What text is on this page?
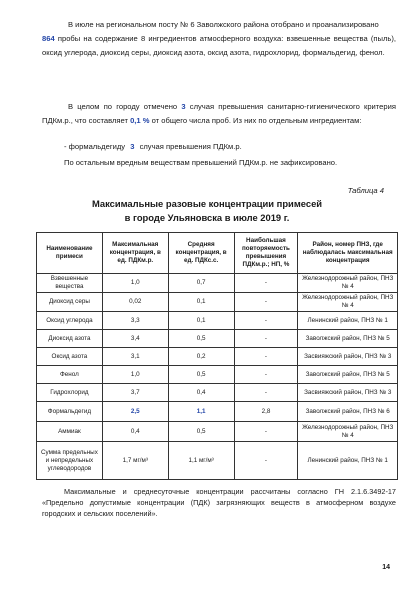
В июле на региональном посту № 6 Заволжского района отобрано и проанализировано
864 пробы на содержание 8 ингредиентов атмосферного воздуха: взвешенные вещества (пыль), оксид углерода, диоксид серы, диоксид азота, оксид азота, гидрохлорид, формальдегид, фенол.
В целом по городу отмечено 3 случая превышения санитарно-гигиенического критерия ПДКм.р., что составляет 0,1 % от общего числа проб. Из них по отдельным ингредиентам:
- формальдегиду 3 случая превышения ПДКм.р.
По остальным вредным веществам превышений ПДКм.р. не зафиксировано.
Таблица 4
Максимальные разовые концентрации примесей
в городе Ульяновска в июле 2019 г.
Наименование примеси	Максимальная концентрация, в ед. ПДКм.р.	Средняя концентрация, в ед. ПДКс.с.	Наибольшая повторяемость превышения ПДКм.р.; НП, %	Район, номер ПНЗ, где наблюдалась максимальная концентрация
Взвешенные вещества	1,0	0,7	-	Железнодорожный район, ПНЗ № 4
Диоксид серы	0,02	0,1	-	Железнодорожный район, ПНЗ № 4
Оксид углерода	3,3	0,1	-	Ленинский район, ПНЗ № 1
Диоксид азота	3,4	0,5	-	Заволжский район, ПНЗ № 5
Оксид азота	3,1	0,2	-	Засвияжский район, ПНЗ № 3
Фенол	1,0	0,5	-	Заволжский район, ПНЗ № 5
Гидрохлорид	3,7	0,4	-	Засвияжский район, ПНЗ № 3
Формальдегид	2,5	1,1	2,8	Заволжский район, ПНЗ № 6
Аммиак	0,4	0,5	-	Железнодорожный район, ПНЗ № 4
Сумма предельных и непредельных углеводородов	1,7 мг/м³	1,1 мг/м³	-	Ленинский район, ПНЗ № 1
Максимальные и среднесуточные концентрации рассчитаны согласно ГН 2.1.6.3492-17 «Предельно допустимые концентрации (ПДК) загрязняющих веществ в атмосферном воздухе городских и сельских поселений».
14
